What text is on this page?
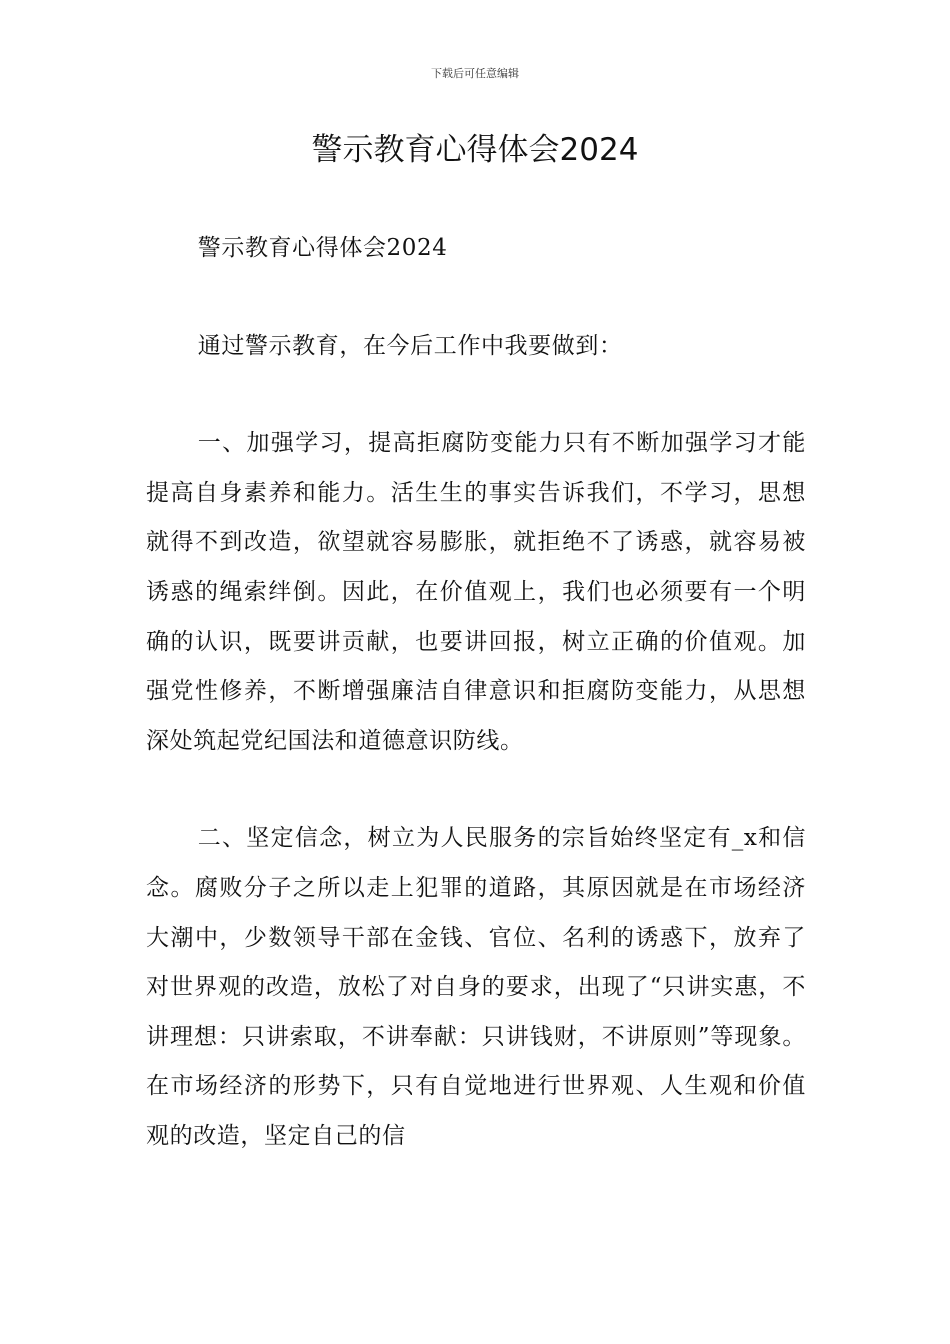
下载后可任意编辑
警示教育心得体会2024

警示教育心得体会2024

通过警示教育，在今后工作中我要做到：

一、加强学习，提高拒腐防变能力只有不断加强学习才能提高自身素养和能力。活生生的事实告诉我们，不学习，思想就得不到改造，欲望就容易膨胀，就拒绝不了诱惑，就容易被诱惑的绳索绊倒。因此，在价值观上，我们也必须要有一个明确的认识，既要讲贡献，也要讲回报，树立正确的价值观。加强党性修养，不断增强廉洁自律意识和拒腐防变能力，从思想深处筑起党纪国法和道德意识防线。

二、坚定信念，树立为人民服务的宗旨始终坚定有_x和信念。腐败分子之所以走上犯罪的道路，其原因就是在市场经济大潮中，少数领导干部在金钱、官位、名利的诱惑下，放弃了对世界观的改造，放松了对自身的要求，出现了“只讲实惠，不讲理想：只讲索取，不讲奉献：只讲钱财，不讲原则”等现象。在市场经济的形势下，只有自觉地进行世界观、人生观和价值观的改造，坚定自己的信
